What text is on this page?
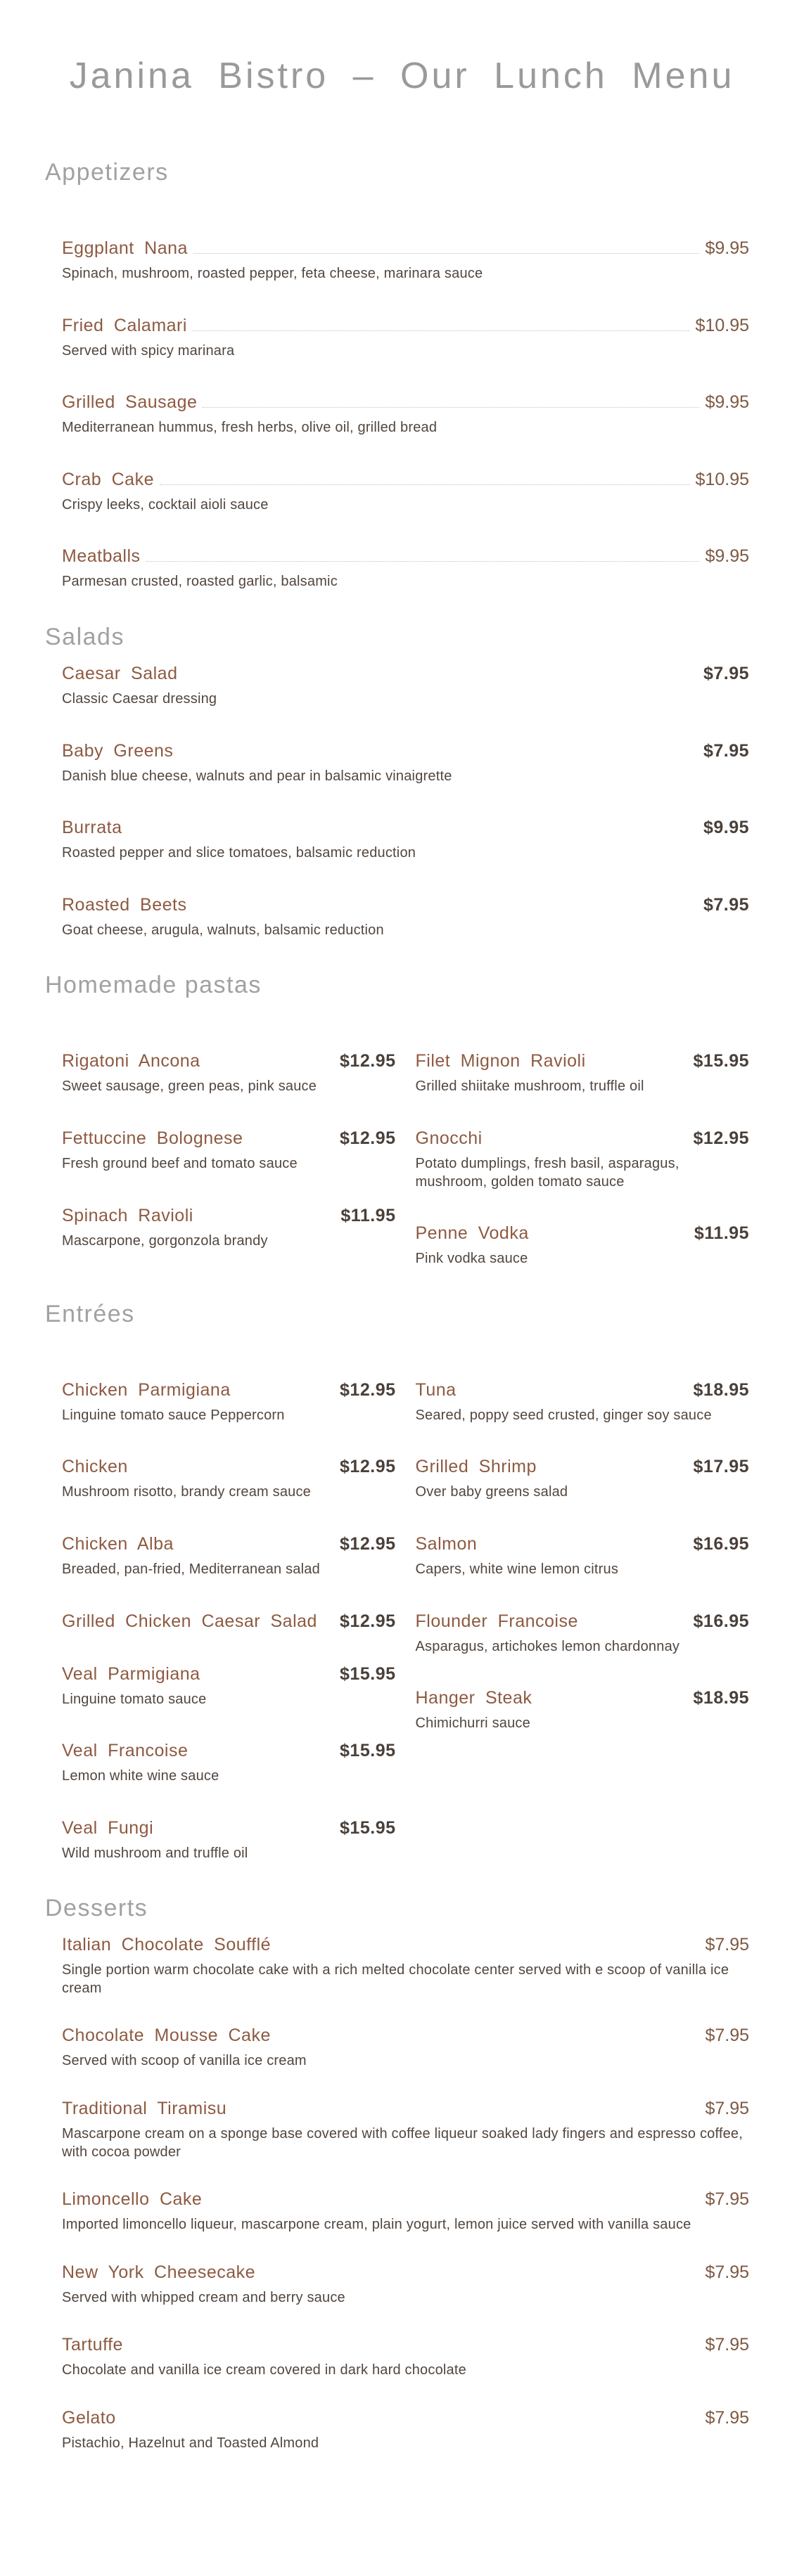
Janina Bistro – Our Lunch Menu
Appetizers
Eggplant Nana	$9.95
Spinach, mushroom, roasted pepper, feta cheese, marinara sauce
Fried Calamari	$10.95
Served with spicy marinara
Grilled Sausage	$9.95
Mediterranean hummus, fresh herbs, olive oil, grilled bread
Crab Cake	$10.95
Crispy leeks, cocktail aioli sauce
Meatballs	$9.95
Parmesan crusted, roasted garlic, balsamic
Salads
Caesar Salad	$7.95
Classic Caesar dressing
Baby Greens	$7.95
Danish blue cheese, walnuts and pear in balsamic vinaigrette
Burrata	$9.95
Roasted pepper and slice tomatoes, balsamic reduction
Roasted Beets	$7.95
Goat cheese, arugula, walnuts, balsamic reduction
Homemade pastas
Rigatoni Ancona	$12.95
Sweet sausage, green peas, pink sauce
Fettuccine Bolognese	$12.95
Fresh ground beef and tomato sauce
Spinach Ravioli	$11.95
Mascarpone, gorgonzola brandy
Filet Mignon Ravioli	$15.95
Grilled shiitake mushroom, truffle oil
Gnocchi	$12.95
Potato dumplings, fresh basil, asparagus, mushroom, golden tomato sauce
Penne Vodka	$11.95
Pink vodka sauce
Entrées
Chicken Parmigiana	$12.95
Linguine tomato sauce Peppercorn
Chicken	$12.95
Mushroom risotto, brandy cream sauce
Chicken Alba	$12.95
Breaded, pan-fried, Mediterranean salad
Grilled Chicken Caesar Salad $12.95
Veal Parmigiana	$15.95
Linguine tomato sauce
Veal Francoise	$15.95
Lemon white wine sauce
Veal Fungi	$15.95
Wild mushroom and truffle oil
Tuna	$18.95
Seared, poppy seed crusted, ginger soy sauce
Grilled Shrimp	$17.95
Over baby greens salad
Salmon	$16.95
Capers, white wine lemon citrus
Flounder Francoise	$16.95
Asparagus, artichokes lemon chardonnay
Hanger Steak	$18.95
Chimichurri sauce
Desserts
Italian Chocolate Soufflé	$7.95
Single portion warm chocolate cake with a rich melted chocolate center served with e scoop of vanilla ice cream
Chocolate Mousse Cake	$7.95
Served with scoop of vanilla ice cream
Traditional Tiramisu	$7.95
Mascarpone cream on a sponge base covered with coffee liqueur soaked lady fingers and espresso coffee, with cocoa powder
Limoncello Cake	$7.95
Imported limoncello liqueur, mascarpone cream, plain yogurt, lemon juice served with vanilla sauce
New York Cheesecake	$7.95
Served with whipped cream and berry sauce
Tartuffe	$7.95
Chocolate and vanilla ice cream covered in dark hard chocolate
Gelato	$7.95
Pistachio, Hazelnut and Toasted Almond
